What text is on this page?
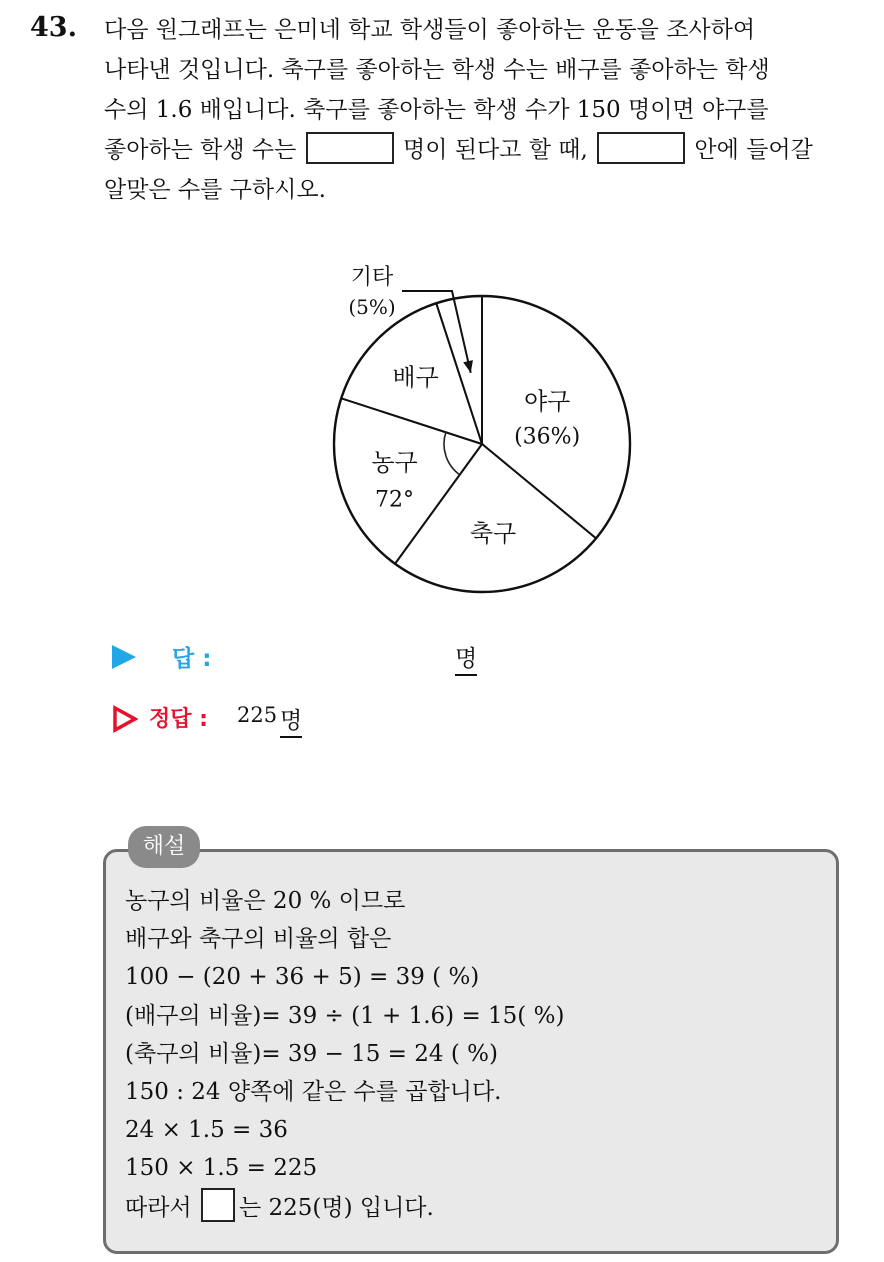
43. 다음 원그래프는 은미네 학교 학생들이 좋아하는 운동을 조사하여
나타낸 것입니다. 축구를 좋아하는 학생 수는 배구를 좋아하는 학생
수의 1.6 배입니다. 축구를 좋아하는 학생 수가 150 명이면 야구를
좋아하는 학생 수는	명이 된다고 할 때,	안에 들어갈
알맞은 수를 구하시오.
야구
(36%)
축구
농구
72°
배구
기타
(5%)
답 :	명
정답 : 225 명
해설
농구의 비율은 20 % 이므로
배구와 축구의 비율의 합은
100 − (20 + 36 + 5) = 39 ( %)
(배구의 비율)= 39 ÷ (1 + 1.6) = 15( %)
(축구의 비율)= 39 − 15 = 24 ( %)
150 : 24 양쪽에 같은 수를 곱합니다.
24 × 1.5 = 36
150 × 1.5 = 225
따라서 는 225(명) 입니다.
